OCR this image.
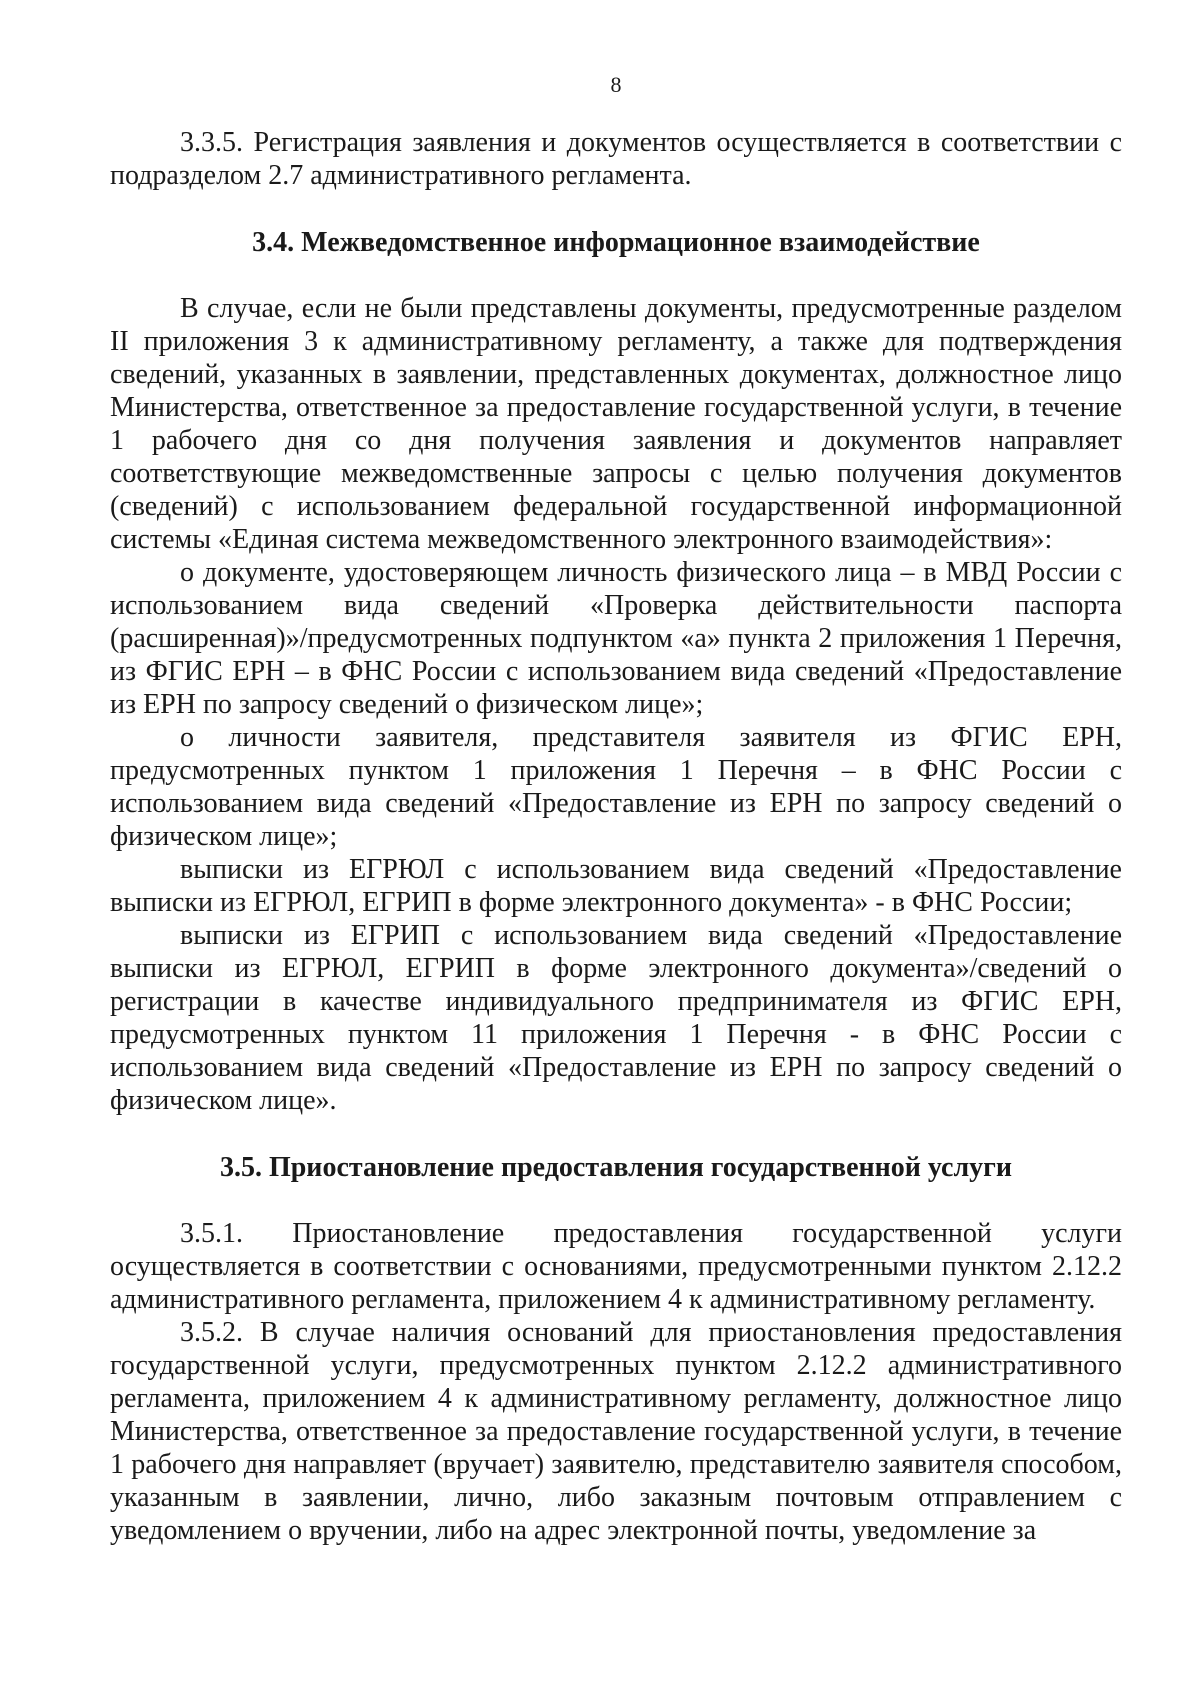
8

3.3.5. Регистрация заявления и документов осуществляется в соответствии с подразделом 2.7 административного регламента.

3.4. Межведомственное информационное взаимодействие

В случае, если не были представлены документы, предусмотренные разделом II приложения 3 к административному регламенту, а также для подтверждения сведений, указанных в заявлении, представленных документах, должностное лицо Министерства, ответственное за предоставление государственной услуги, в течение 1 рабочего дня со дня получения заявления и документов направляет соответствующие межведомственные запросы с целью получения документов (сведений) с использованием федеральной государственной информационной системы «Единая система межведомственного электронного взаимодействия»:

о документе, удостоверяющем личность физического лица – в МВД России с использованием вида сведений «Проверка действительности паспорта (расширенная)»/предусмотренных подпунктом «а» пункта 2 приложения 1 Перечня, из ФГИС ЕРН – в ФНС России с использованием вида сведений «Предоставление из ЕРН по запросу сведений о физическом лице»;

о личности заявителя, представителя заявителя из ФГИС ЕРН, предусмотренных пунктом 1 приложения 1 Перечня – в ФНС России с использованием вида сведений «Предоставление из ЕРН по запросу сведений о физическом лице»;

выписки из ЕГРЮЛ с использованием вида сведений «Предоставление выписки из ЕГРЮЛ, ЕГРИП в форме электронного документа» - в ФНС России;

выписки из ЕГРИП с использованием вида сведений «Предоставление выписки из ЕГРЮЛ, ЕГРИП в форме электронного документа»/сведений о регистрации в качестве индивидуального предпринимателя из ФГИС ЕРН, предусмотренных пунктом 11 приложения 1 Перечня - в ФНС России с использованием вида сведений «Предоставление из ЕРН по запросу сведений о физическом лице».

3.5. Приостановление предоставления государственной услуги

3.5.1. Приостановление предоставления государственной услуги осуществляется в соответствии с основаниями, предусмотренными пунктом 2.12.2 административного регламента, приложением 4 к административному регламенту.

3.5.2. В случае наличия оснований для приостановления предоставления государственной услуги, предусмотренных пунктом 2.12.2 административного регламента, приложением 4 к административному регламенту, должностное лицо Министерства, ответственное за предоставление государственной услуги, в течение 1 рабочего дня направляет (вручает) заявителю, представителю заявителя способом, указанным в заявлении, лично, либо заказным почтовым отправлением с уведомлением о вручении, либо на адрес электронной почты, уведомление за
